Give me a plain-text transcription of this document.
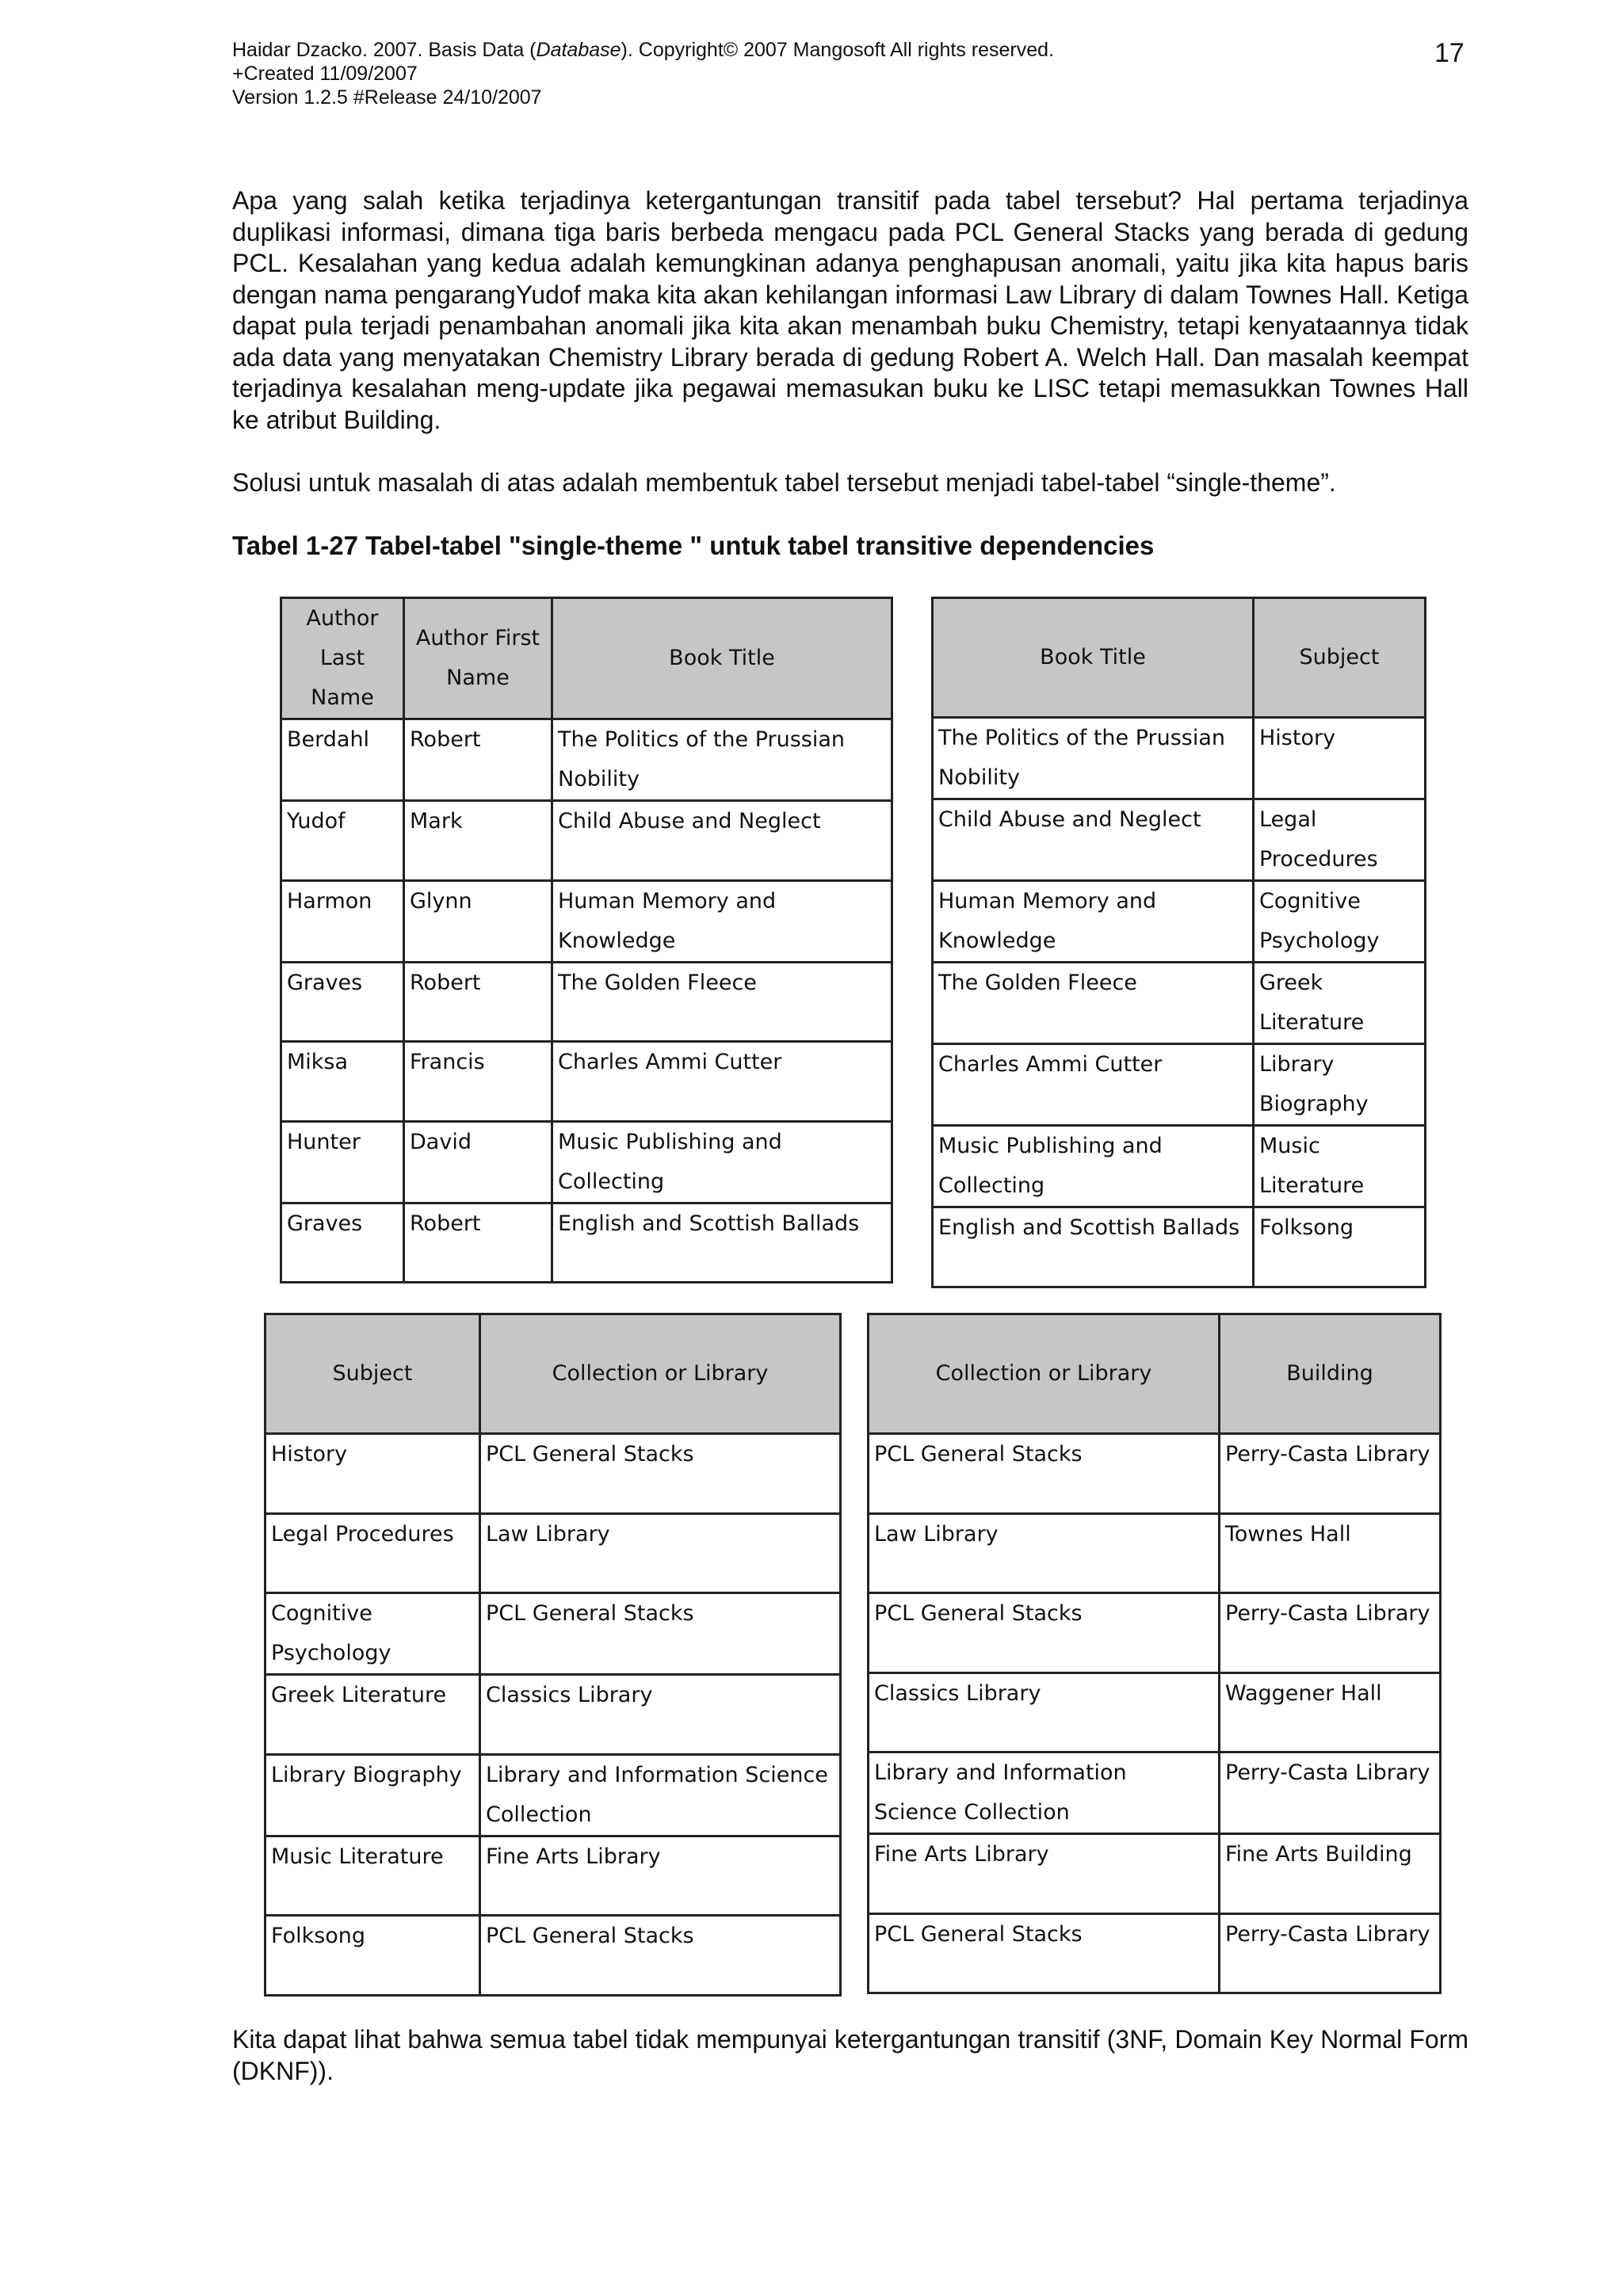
Haidar Dzacko. 2007. Basis Data (Database). Copyright© 2007 Mangosoft All rights reserved.
+Created 11/09/2007
Version 1.2.5 #Release 24/10/2007
17

Apa yang salah ketika terjadinya ketergantungan transitif pada tabel tersebut? Hal pertama terjadinya duplikasi informasi, dimana tiga baris berbeda mengacu pada PCL General Stacks yang berada di gedung PCL. Kesalahan yang kedua adalah kemungkinan adanya penghapusan anomali, yaitu jika kita hapus baris dengan nama pengarangYudof maka kita akan kehilangan informasi Law Library di dalam Townes Hall. Ketiga dapat pula terjadi penambahan anomali jika kita akan menambah buku Chemistry, tetapi kenyataannya tidak ada data yang menyatakan Chemistry Library berada di gedung Robert A. Welch Hall. Dan masalah keempat terjadinya kesalahan meng-update jika pegawai memasukan buku ke LISC tetapi memasukkan Townes Hall ke atribut Building.

Solusi untuk masalah di atas adalah membentuk tabel tersebut menjadi tabel-tabel “single-theme”.

Tabel 1-27 Tabel-tabel "single-theme " untuk tabel transitive dependencies

Author Last Name	Author First Name	Book Title
Berdahl	Robert	The Politics of the Prussian Nobility
Yudof	Mark	Child Abuse and Neglect
Harmon	Glynn	Human Memory and Knowledge
Graves	Robert	The Golden Fleece
Miksa	Francis	Charles Ammi Cutter
Hunter	David	Music Publishing and Collecting
Graves	Robert	English and Scottish Ballads
Book Title	Subject
The Politics of the Prussian Nobility	History
Child Abuse and Neglect	Legal Procedures
Human Memory and Knowledge	Cognitive Psychology
The Golden Fleece	Greek Literature
Charles Ammi Cutter	Library Biography
Music Publishing and Collecting	Music Literature
English and Scottish Ballads	Folksong
Subject	Collection or Library
History	PCL General Stacks
Legal Procedures	Law Library
Cognitive Psychology	PCL General Stacks
Greek Literature	Classics Library
Library Biography	Library and Information Science Collection
Music Literature	Fine Arts Library
Folksong	PCL General Stacks
Collection or Library	Building
PCL General Stacks	Perry-Casta Library
Law Library	Townes Hall
PCL General Stacks	Perry-Casta Library
Classics Library	Waggener Hall
Library and Information Science Collection	Perry-Casta Library
Fine Arts Library	Fine Arts Building
PCL General Stacks	Perry-Casta Library

Kita dapat lihat bahwa semua tabel tidak mempunyai ketergantungan transitif (3NF, Domain Key Normal Form (DKNF)).
